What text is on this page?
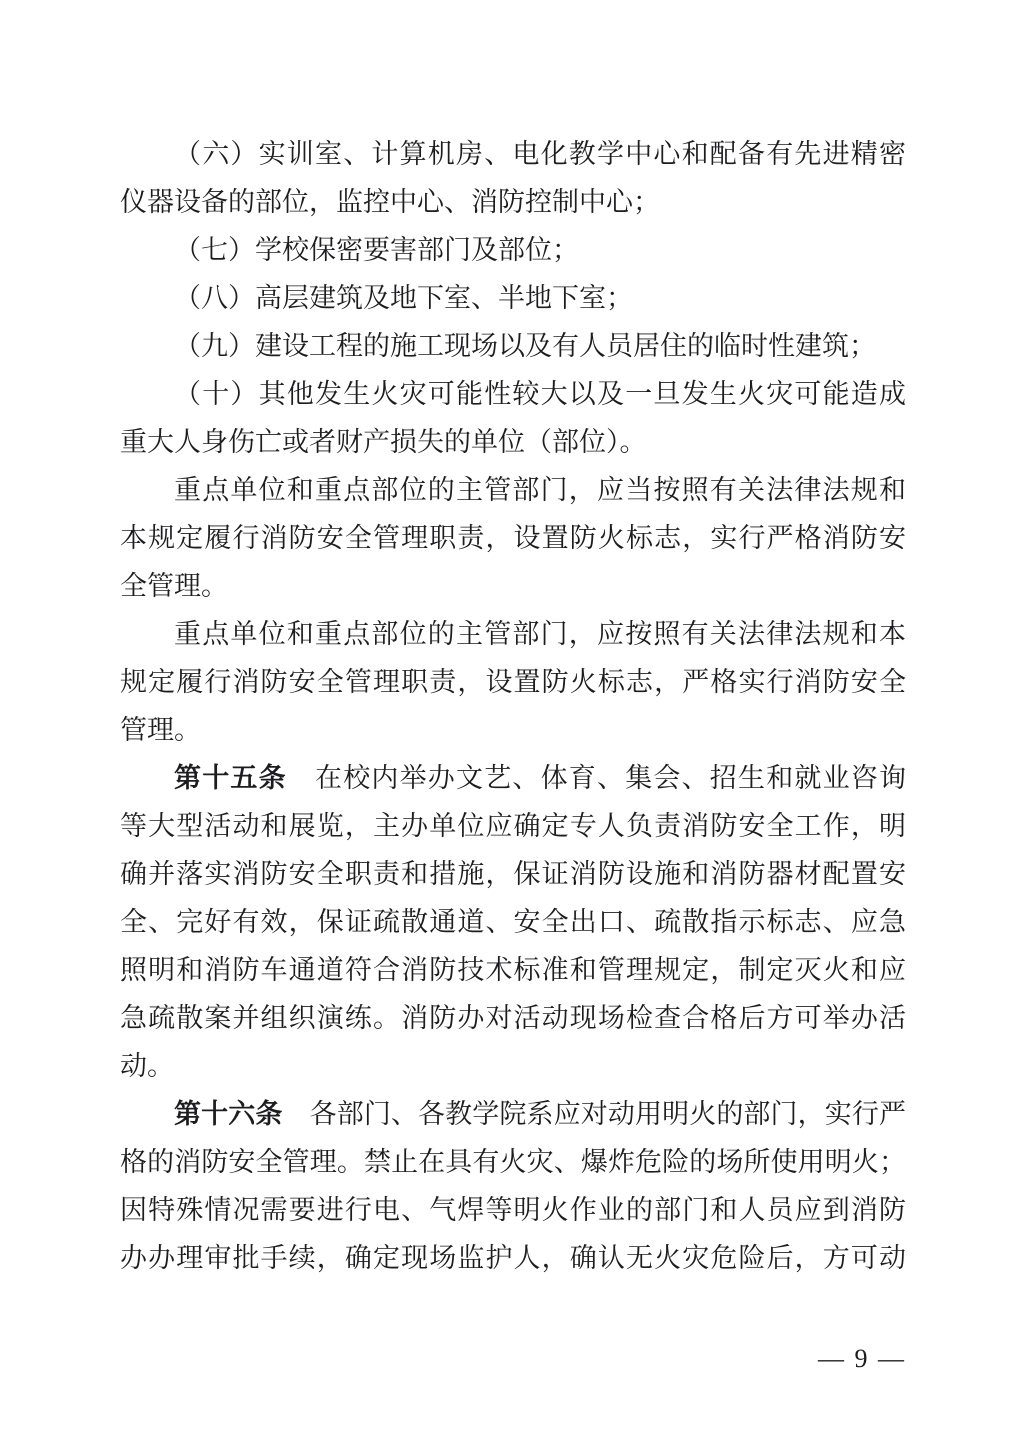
（六）实训室、计算机房、电化教学中心和配备有先进精密
仪器设备的部位，监控中心、消防控制中心；
（七）学校保密要害部门及部位；
（八）高层建筑及地下室、半地下室；
（九）建设工程的施工现场以及有人员居住的临时性建筑；
（十）其他发生火灾可能性较大以及一旦发生火灾可能造成
重大人身伤亡或者财产损失的单位（部位）。
重点单位和重点部位的主管部门，应当按照有关法律法规和
本规定履行消防安全管理职责，设置防火标志，实行严格消防安
全管理。
重点单位和重点部位的主管部门，应按照有关法律法规和本
规定履行消防安全管理职责，设置防火标志，严格实行消防安全
管理。
第十五条　在校内举办文艺、体育、集会、招生和就业咨询
等大型活动和展览，主办单位应确定专人负责消防安全工作，明
确并落实消防安全职责和措施，保证消防设施和消防器材配置安
全、完好有效，保证疏散通道、安全出口、疏散指示标志、应急
照明和消防车通道符合消防技术标准和管理规定，制定灭火和应
急疏散案并组织演练。消防办对活动现场检查合格后方可举办活
动。
第十六条　各部门、各教学院系应对动用明火的部门，实行严
格的消防安全管理。禁止在具有火灾、爆炸危险的场所使用明火；
因特殊情况需要进行电、气焊等明火作业的部门和人员应到消防
办办理审批手续，确定现场监护人，确认无火灾危险后，方可动
— 9 —
